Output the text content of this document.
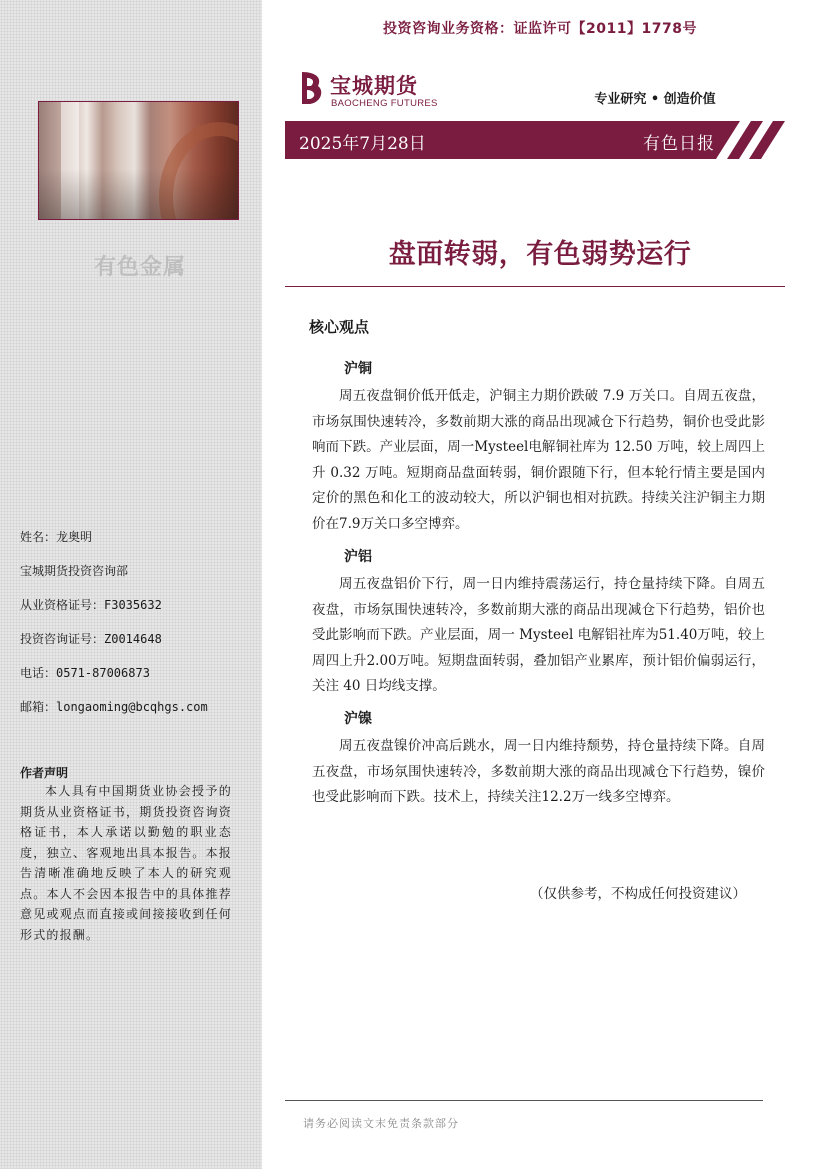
有色金属
姓名：龙奥明
宝城期货投资咨询部
从业资格证号：F3035632
投资咨询证号：Z0014648
电话：0571-87006873
邮箱：longaoming@bcqhgs.com
作者声明
本人具有中国期货业协会授予的期货从业资格证书，期货投资咨询资格证书，本人承诺以勤勉的职业态度，独立、客观地出具本报告。本报告清晰准确地反映了本人的研究观点。本人不会因本报告中的具体推荐意见或观点而直接或间接接收到任何形式的报酬。
投资咨询业务资格：证监许可【2011】1778号
宝城期货
BAOCHENG FUTURES	专业研究 • 创造价值
2025年7月28日	有色日报
盘面转弱，有色弱势运行
核心观点
沪铜
周五夜盘铜价低开低走，沪铜主力期价跌破 7.9 万关口。自周五夜盘，市场氛围快速转冷，多数前期大涨的商品出现减仓下行趋势，铜价也受此影响而下跌。产业层面，周一Mysteel电解铜社库为 12.50 万吨，较上周四上升 0.32 万吨。短期商品盘面转弱，铜价跟随下行，但本轮行情主要是国内定价的黑色和化工的波动较大，所以沪铜也相对抗跌。持续关注沪铜主力期价在7.9万关口多空博弈。
沪铝
周五夜盘铝价下行，周一日内维持震荡运行，持仓量持续下降。自周五夜盘，市场氛围快速转冷，多数前期大涨的商品出现减仓下行趋势，铝价也受此影响而下跌。产业层面，周一 Mysteel 电解铝社库为51.40万吨，较上周四上升2.00万吨。短期盘面转弱，叠加铝产业累库，预计铝价偏弱运行，关注 40 日均线支撑。
沪镍
周五夜盘镍价冲高后跳水，周一日内维持颓势，持仓量持续下降。自周五夜盘，市场氛围快速转冷，多数前期大涨的商品出现减仓下行趋势，镍价也受此影响而下跌。技术上，持续关注12.2万一线多空博弈。
（仅供参考，不构成任何投资建议）
请务必阅读文末免责条款部分
